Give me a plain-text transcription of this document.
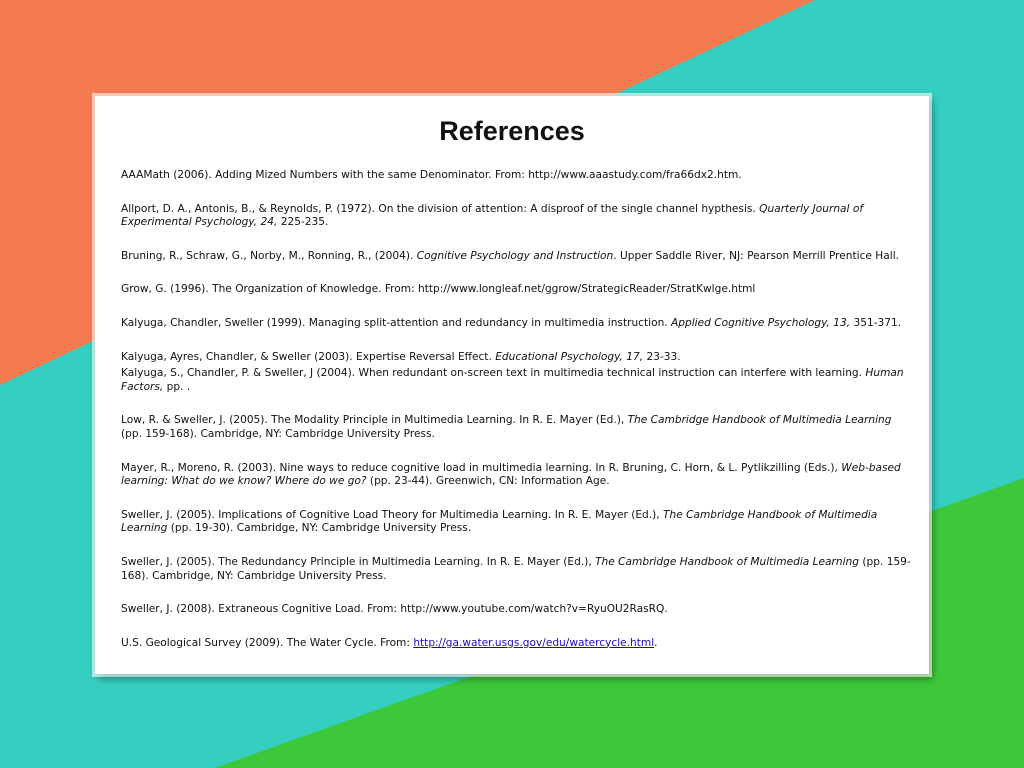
References

AAAMath (2006). Adding Mized Numbers with the same Denominator. From: http://www.aaastudy.com/fra66dx2.htm.

Allport, D. A., Antonis, B., & Reynolds, P. (1972). On the division of attention: A disproof of the single channel hypthesis. Quarterly Journal of Experimental Psychology, 24, 225-235.

Bruning, R., Schraw, G., Norby, M., Ronning, R., (2004). Cognitive Psychology and Instruction. Upper Saddle River, NJ: Pearson Merrill Prentice Hall.

Grow, G. (1996). The Organization of Knowledge. From: http://www.longleaf.net/ggrow/StrategicReader/StratKwlge.html

Kalyuga, Chandler, Sweller (1999). Managing split-attention and redundancy in multimedia instruction. Applied Cognitive Psychology, 13, 351-371.

Kalyuga, Ayres, Chandler, & Sweller (2003). Expertise Reversal Effect. Educational Psychology, 17, 23-33.

Kalyuga, S., Chandler, P. & Sweller, J (2004). When redundant on-screen text in multimedia technical instruction can interfere with learning. Human Factors, pp. .

Low, R. & Sweller, J. (2005). The Modality Principle in Multimedia Learning. In R. E. Mayer (Ed.), The Cambridge Handbook of Multimedia Learning (pp. 159-168). Cambridge, NY: Cambridge University Press.

Mayer, R., Moreno, R. (2003). Nine ways to reduce cognitive load in multimedia learning. In R. Bruning, C. Horn, & L. Pytlikzilling (Eds.), Web-based learning: What do we know? Where do we go? (pp. 23-44). Greenwich, CN: Information Age.

Sweller, J. (2005). Implications of Cognitive Load Theory for Multimedia Learning. In R. E. Mayer (Ed.), The Cambridge Handbook of Multimedia Learning (pp. 19-30). Cambridge, NY: Cambridge University Press.

Sweller, J. (2005). The Redundancy Principle in Multimedia Learning. In R. E. Mayer (Ed.), The Cambridge Handbook of Multimedia Learning (pp. 159-168). Cambridge, NY: Cambridge University Press.

Sweller, J. (2008). Extraneous Cognitive Load. From: http://www.youtube.com/watch?v=RyuOU2RasRQ.

U.S. Geological Survey (2009). The Water Cycle. From: http://ga.water.usgs.gov/edu/watercycle.html.
